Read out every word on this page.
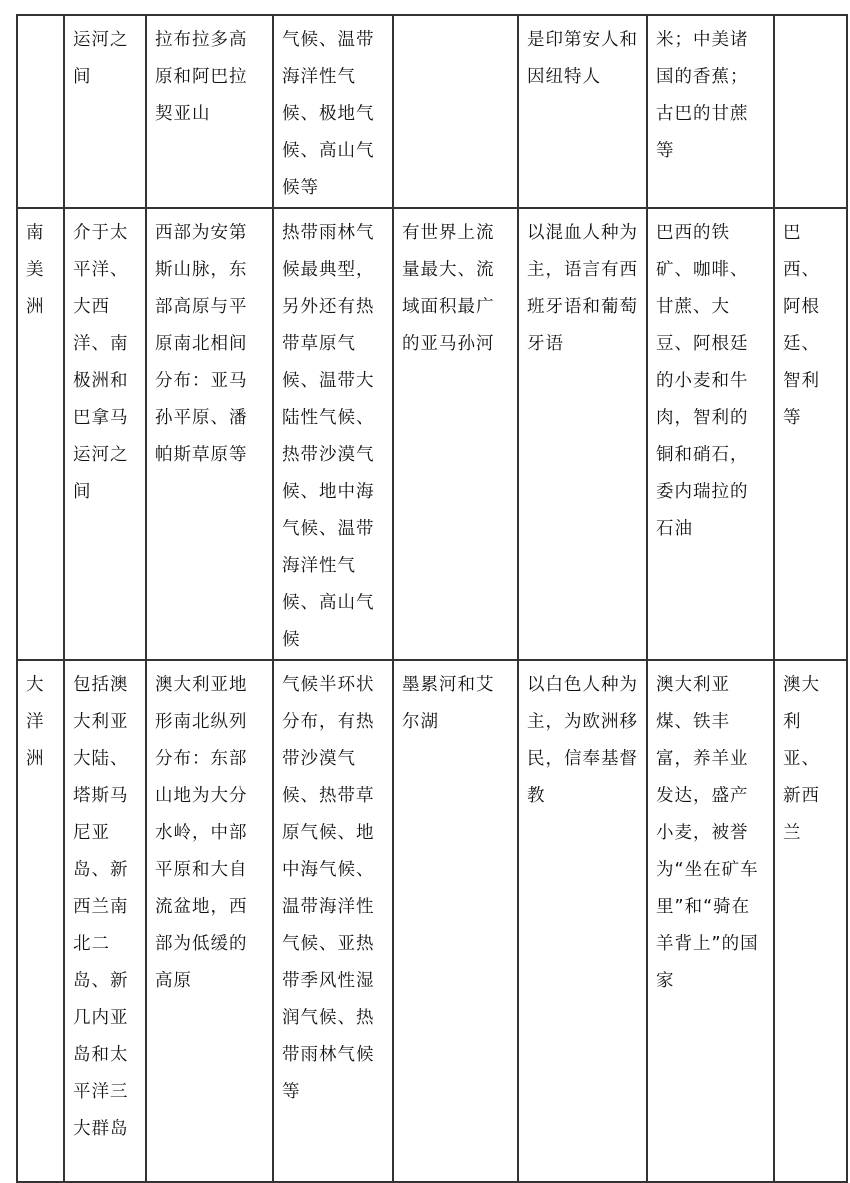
	运河之间	拉布拉多高原和阿巴拉契亚山	气候、温带海洋性气候、极地气候、高山气候等		是印第安人和因纽特人	米；中美诸国的香蕉；古巴的甘蔗等	
南美洲	介于太平洋、大西洋、南极洲和巴拿马运河之间	西部为安第斯山脉，东部高原与平原南北相间分布：亚马孙平原、潘帕斯草原等	热带雨林气候最典型，另外还有热带草原气候、温带大陆性气候、热带沙漠气候、地中海气候、温带海洋性气候、高山气候	有世界上流量最大、流域面积最广的亚马孙河	以混血人种为主，语言有西班牙语和葡萄牙语	巴西的铁矿、咖啡、甘蔗、大豆、阿根廷的小麦和牛肉，智利的铜和硝石，委内瑞拉的石油	巴西、阿根廷、智利等
大洋洲	包括澳大利亚大陆、塔斯马尼亚岛、新西兰南北二岛、新几内亚岛和太平洋三大群岛	澳大利亚地形南北纵列分布：东部山地为大分水岭，中部平原和大自流盆地，西部为低缓的高原	气候半环状分布，有热带沙漠气候、热带草原气候、地中海气候、温带海洋性气候、亚热带季风性湿润气候、热带雨林气候等	墨累河和艾尔湖	以白色人种为主，为欧洲移民，信奉基督教	澳大利亚煤、铁丰富，养羊业发达，盛产小麦，被誉为“坐在矿车里”和“骑在羊背上”的国家	澳大利亚、新西兰
